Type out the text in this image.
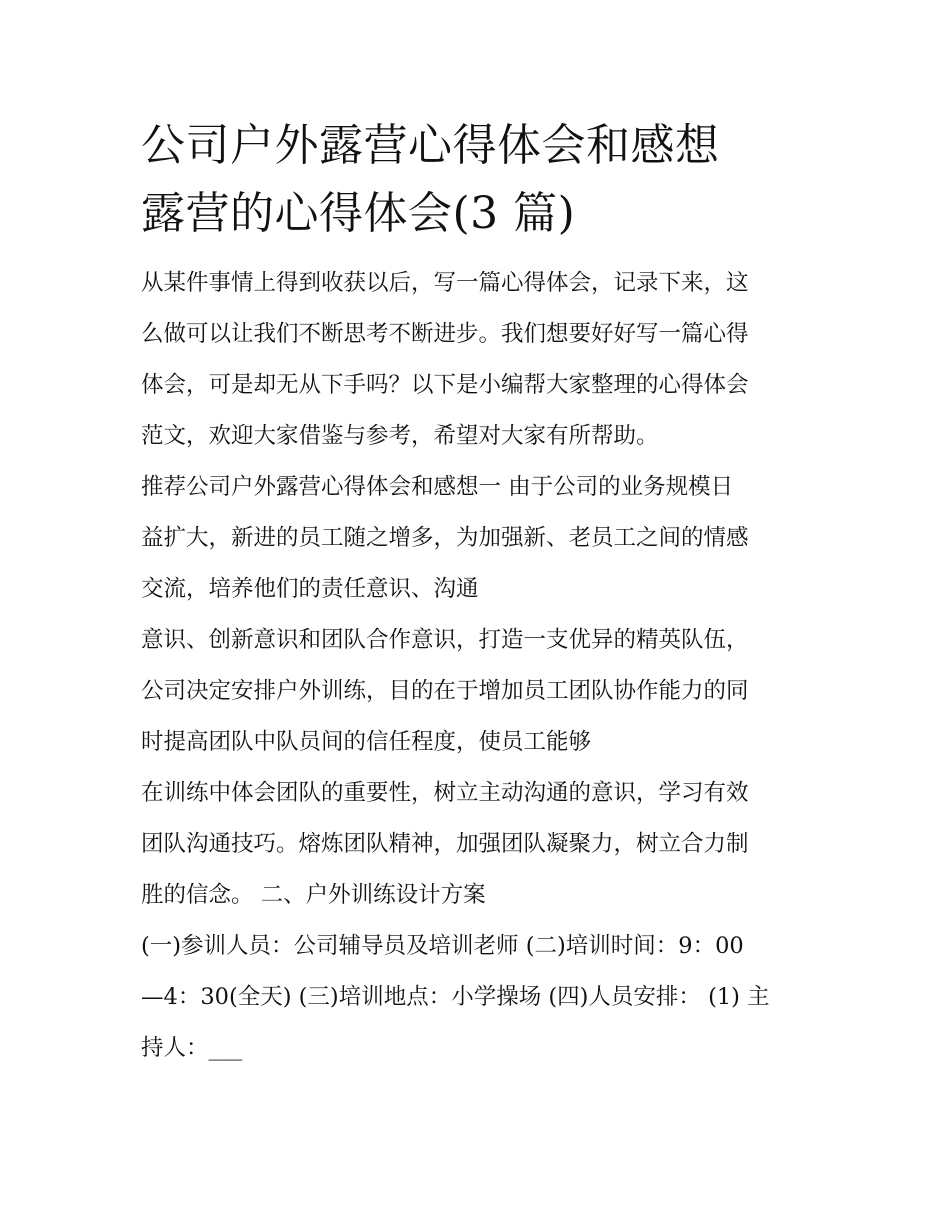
公司户外露营心得体会和感想
露营的心得体会(3 篇)

从某件事情上得到收获以后，写一篇心得体会，记录下来，这
么做可以让我们不断思考不断进步。我们想要好好写一篇心得
体会，可是却无从下手吗？以下是小编帮大家整理的心得体会
范文，欢迎大家借鉴与参考，希望对大家有所帮助。

推荐公司户外露营心得体会和感想一 由于公司的业务规模日
益扩大，新进的员工随之增多，为加强新、老员工之间的情感
交流，培养他们的责任意识、沟通

意识、创新意识和团队合作意识，打造一支优异的精英队伍，
公司决定安排户外训练，目的在于增加员工团队协作能力的同
时提高团队中队员间的信任程度，使员工能够

在训练中体会团队的重要性，树立主动沟通的意识，学习有效
团队沟通技巧。熔炼团队精神，加强团队凝聚力，树立合力制
胜的信念。 二、户外训练设计方案

(一)参训人员：公司辅导员及培训老师 (二)培训时间：9：00
—4：30(全天) (三)培训地点：小学操场 (四)人员安排： (1) 主
持人：___
